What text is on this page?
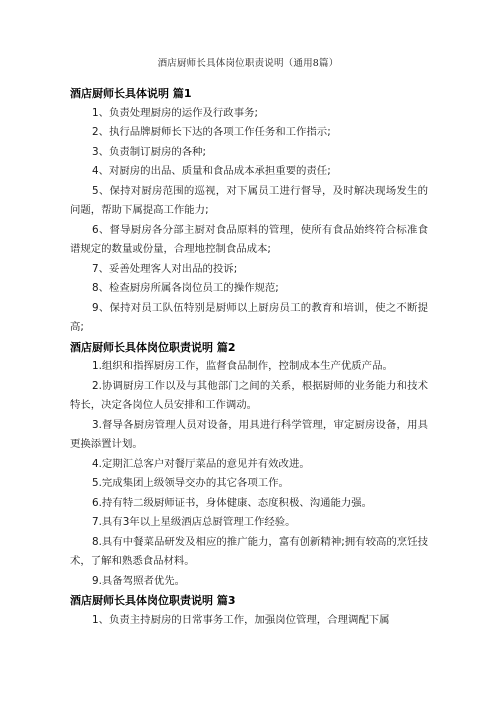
酒店厨师长具体岗位职责说明（通用8篇）
酒店厨师长具体说明 篇1
1、负责处理厨房的运作及行政事务;
2、执行品牌厨师长下达的各项工作任务和工作指示;
3、负责制订厨房的各种;
4、对厨房的出品、质量和食品成本承担重要的责任;
5、保持对厨房范围的巡视，对下属员工进行督导，及时解决现场发生的问题，帮助下属提高工作能力;
6、督导厨房各分部主厨对食品原料的管理，使所有食品始终符合标准食谱规定的数量或份量，合理地控制食品成本;
7、妥善处理客人对出品的投诉;
8、检查厨房所属各岗位员工的操作规范;
9、保持对员工队伍特别是厨师以上厨房员工的教育和培训，使之不断提高;
酒店厨师长具体岗位职责说明 篇2
1.组织和指挥厨房工作，监督食品制作，控制成本生产优质产品。
2.协调厨房工作以及与其他部门之间的关系，根据厨师的业务能力和技术特长，决定各岗位人员安排和工作调动。
3.督导各厨房管理人员对设备，用具进行科学管理，审定厨房设备，用具更换添置计划。
4.定期汇总客户对餐厅菜品的意见并有效改进。
5.完成集团上级领导交办的其它各项工作。
6.持有特二级厨师证书，身体健康、态度积极、沟通能力强。
7.具有3年以上星级酒店总厨管理工作经验。
8.具有中餐菜品研发及相应的推广能力，富有创新精神;拥有较高的烹饪技术，了解和熟悉食品材料。
9.具备驾照者优先。
酒店厨师长具体岗位职责说明 篇3
1、负责主持厨房的日常事务工作，加强岗位管理，合理调配下属
